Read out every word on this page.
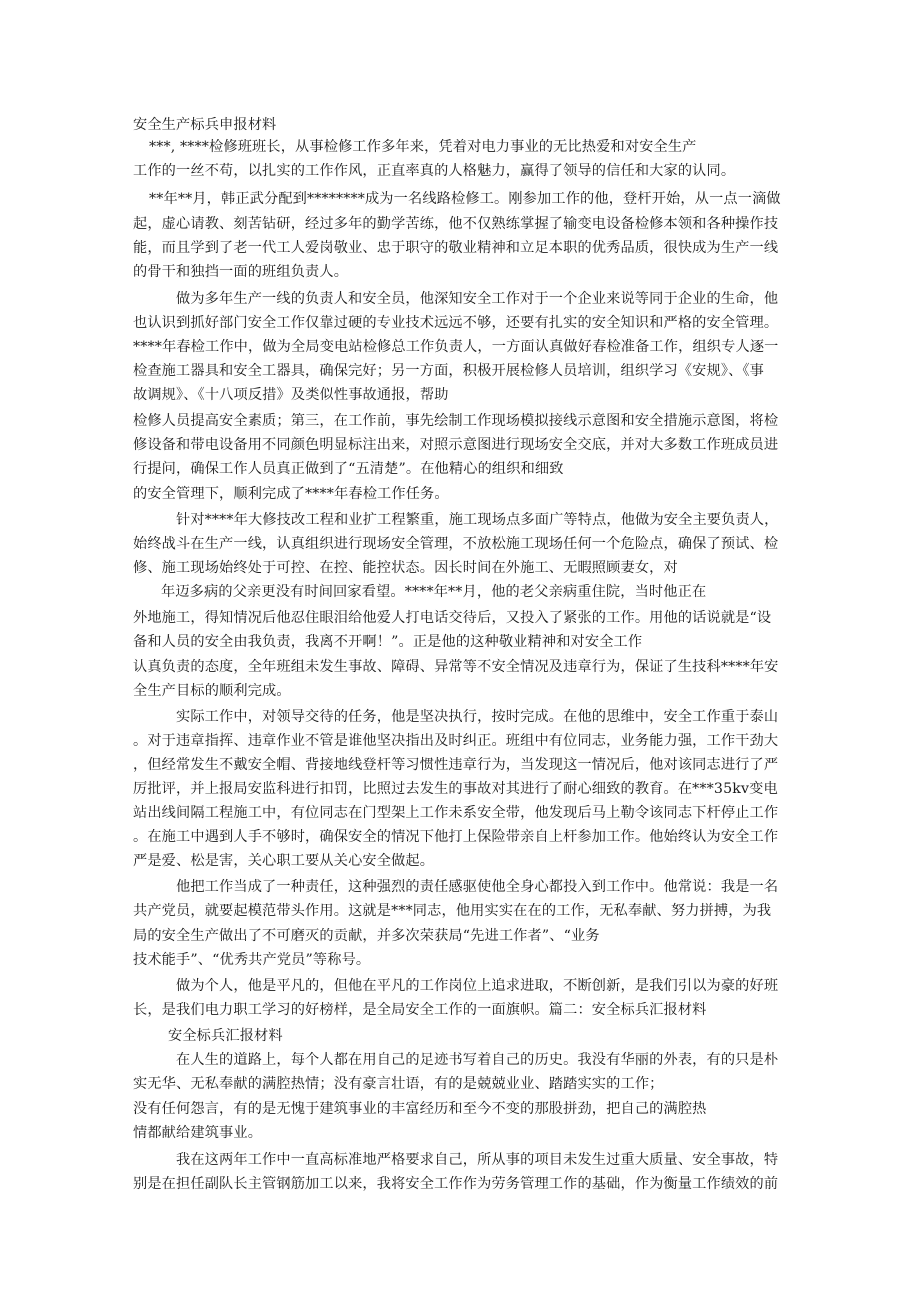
安全生产标兵申报材料
***, ****检修班班长，从事检修工作多年来，凭着对电力事业的无比热爱和对安全生产
工作的一丝不苟，以扎实的工作作风，正直率真的人格魅力，赢得了领导的信任和大家的认同。
**年**月，韩正武分配到********成为一名线路检修工。刚参加工作的他，登杆开始，从一点一滴做
起，虚心请教、刻苦钻研，经过多年的勤学苦练，他不仅熟练掌握了输变电设备检修本领和各种操作技
能，而且学到了老一代工人爱岗敬业、忠于职守的敬业精神和立足本职的优秀品质，很快成为生产一线
的骨干和独挡一面的班组负责人。
做为多年生产一线的负责人和安全员，他深知安全工作对于一个企业来说等同于企业的生命，他
也认识到抓好部门安全工作仅靠过硬的专业技术远远不够，还要有扎实的安全知识和严格的安全管理。
****年春检工作中，做为全局变电站检修总工作负责人，一方面认真做好春检准备工作，组织专人逐一
检查施工器具和安全工器具，确保完好；另一方面，积极开展检修人员培训，组织学习《安规》、《事
故调规》、《十八项反措》及类似性事故通报，帮助
检修人员提高安全素质；第三，在工作前，事先绘制工作现场模拟接线示意图和安全措施示意图，将检
修设备和带电设备用不同颜色明显标注出来，对照示意图进行现场安全交底，并对大多数工作班成员进
行提问，确保工作人员真正做到了“五清楚”。在他精心的组织和细致
的安全管理下，顺利完成了****年春检工作任务。
针对****年大修技改工程和业扩工程繁重，施工现场点多面广等特点，他做为安全主要负责人，
始终战斗在生产一线，认真组织进行现场安全管理，不放松施工现场任何一个危险点，确保了预试、检
修、施工现场始终处于可控、在控、能控状态。因长时间在外施工、无暇照顾妻女，对
年迈多病的父亲更没有时间回家看望。****年**月，他的老父亲病重住院，当时他正在
外地施工，得知情况后他忍住眼泪给他爱人打电话交待后，又投入了紧张的工作。用他的话说就是“设
备和人员的安全由我负责，我离不开啊！”。正是他的这种敬业精神和对安全工作
认真负责的态度，全年班组未发生事故、障碍、异常等不安全情况及违章行为，保证了生技科****年安
全生产目标的顺利完成。
实际工作中，对领导交待的任务，他是坚决执行，按时完成。在他的思维中，安全工作重于泰山
。对于违章指挥、违章作业不管是谁他坚决指出及时纠正。班组中有位同志，业务能力强，工作干劲大
，但经常发生不戴安全帽、背接地线登杆等习惯性违章行为，当发现这一情况后，他对该同志进行了严
厉批评，并上报局安监科进行扣罚，比照过去发生的事故对其进行了耐心细致的教育。在***35kv变电
站出线间隔工程施工中，有位同志在门型架上工作未系安全带，他发现后马上勒令该同志下杆停止工作
。在施工中遇到人手不够时，确保安全的情况下他打上保险带亲自上杆参加工作。他始终认为安全工作
严是爱、松是害，关心职工要从关心安全做起。
他把工作当成了一种责任，这种强烈的责任感驱使他全身心都投入到工作中。他常说：我是一名
共产党员，就要起模范带头作用。这就是***同志，他用实实在在的工作，无私奉献、努力拼搏，为我
局的安全生产做出了不可磨灭的贡献，并多次荣获局“先进工作者”、“业务
技术能手”、“优秀共产党员”等称号。
做为个人，他是平凡的，但他在平凡的工作岗位上追求进取，不断创新，是我们引以为豪的好班
长，是我们电力职工学习的好榜样，是全局安全工作的一面旗帜。篇二：安全标兵汇报材料
安全标兵汇报材料
在人生的道路上，每个人都在用自己的足迹书写着自己的历史。我没有华丽的外表，有的只是朴
实无华、无私奉献的满腔热情；没有豪言壮语，有的是兢兢业业、踏踏实实的工作；
没有任何怨言，有的是无愧于建筑事业的丰富经历和至今不变的那股拼劲，把自己的满腔热
情都献给建筑事业。
我在这两年工作中一直高标准地严格要求自己，所从事的项目未发生过重大质量、安全事故，特
别是在担任副队长主管钢筋加工以来，我将安全工作作为劳务管理工作的基础，作为衡量工作绩效的前
